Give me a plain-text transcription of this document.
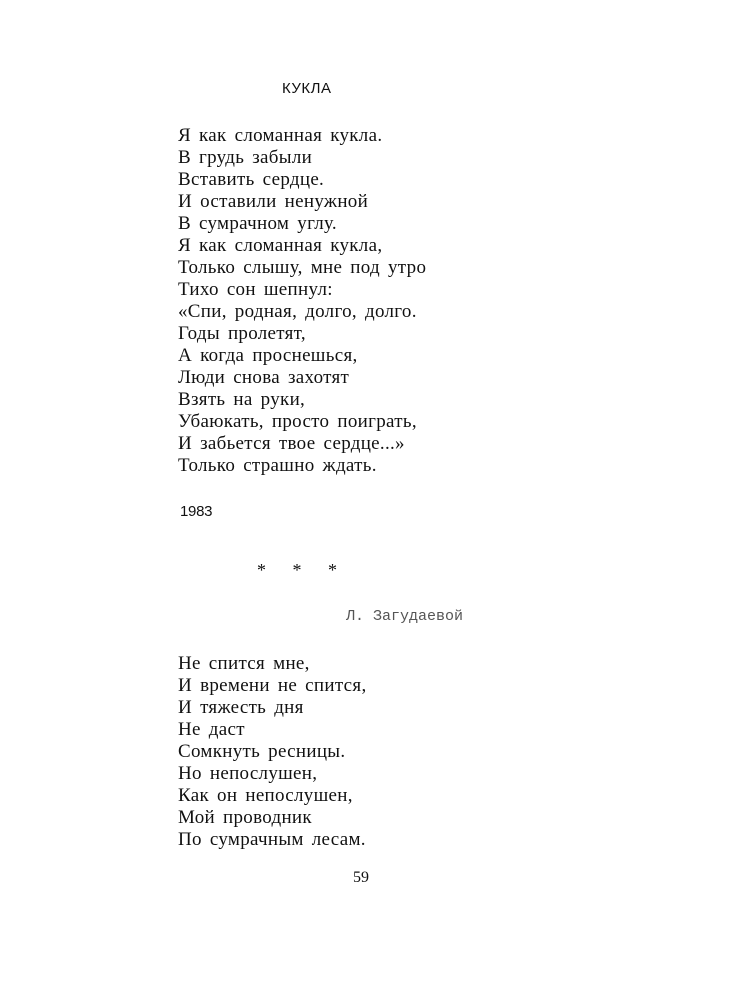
КУКЛА
Я как сломанная кукла.
В грудь забыли
Вставить сердце.
И оставили ненужной
В сумрачном углу.
Я как сломанная кукла,
Только слышу, мне под утро
Тихо сон шепнул:
«Спи, родная, долго, долго.
Годы пролетят,
А когда проснешься,
Люди снова захотят
Взять на руки,
Убаюкать, просто поиграть,
И забьется твое сердце...»
Только страшно ждать.
1983
* * *
Л. Загудаевой
Не спится мне,
И времени не спится,
И тяжесть дня
Не даст
Сомкнуть ресницы.
Но непослушен,
Как он непослушен,
Мой проводник
По сумрачным лесам.
59
